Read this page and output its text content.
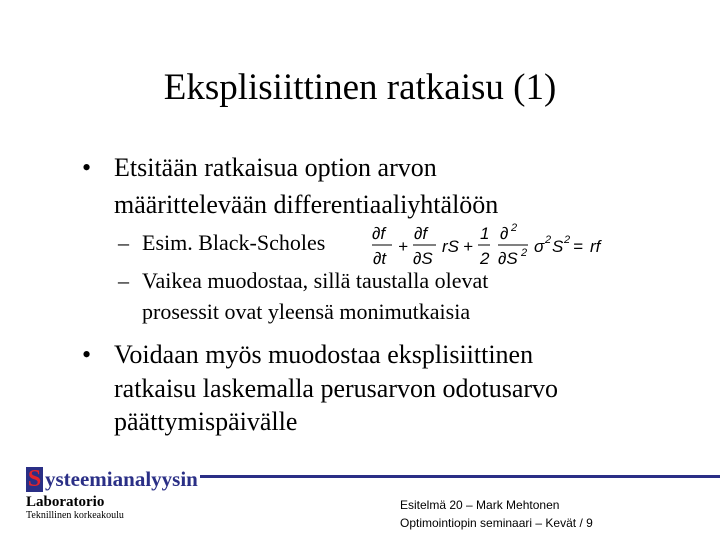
Eksplisiittinen ratkaisu (1)
• Etsitään ratkaisua option arvon
määrittelevään differentiaaliyhtälöön
– Esim. Black-Scholes	∂f
∂t
+
∂f
∂S
rS +
1
2
∂ 2
∂S 2 σ 2 S 2 = rf
– Vaikea muodostaa, sillä taustalla olevat
prosessit ovat yleensä monimutkaisia
• Voidaan myös muodostaa eksplisiittinen
ratkaisu laskemalla perusarvon odotusarvo
päättymispäivälle
S ysteemianalyysin
Laboratorio
Teknillinen korkeakoulu
Esitelmä 20 – Mark Mehtonen
Optimointiopin seminaari – Kevät / 9
